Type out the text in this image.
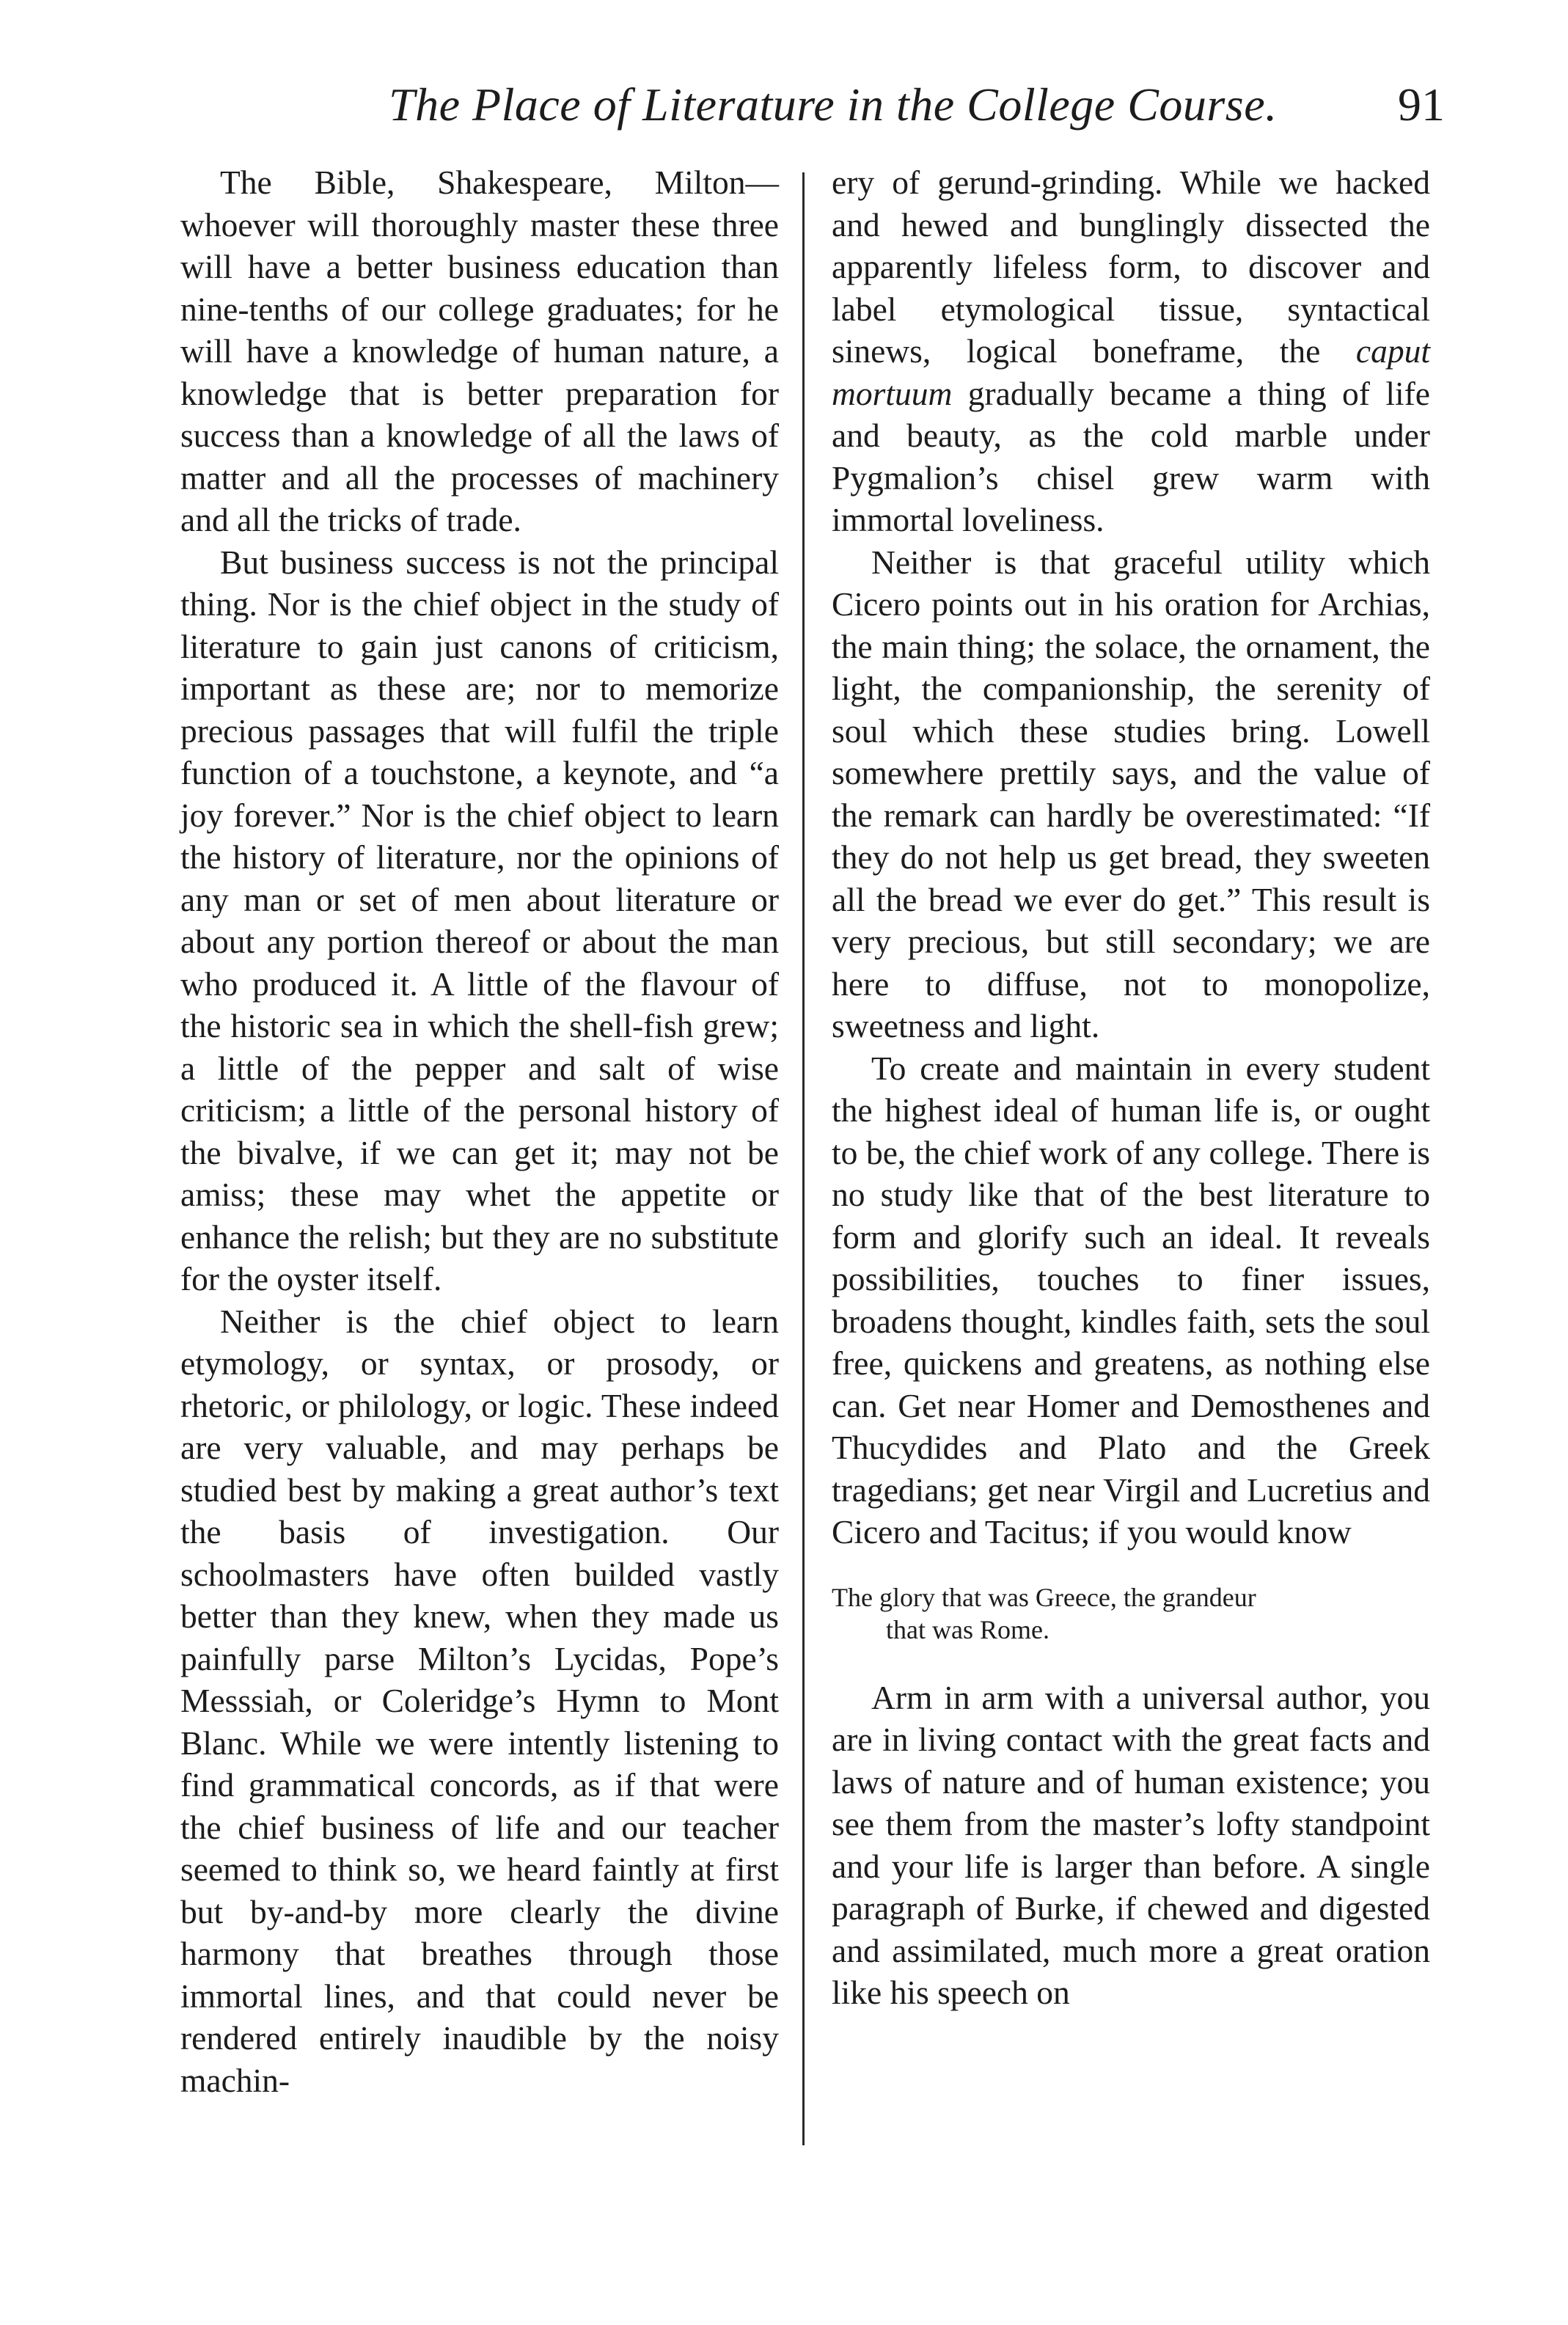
The Place of Literature in the College Course.	91

The Bible, Shakespeare, Milton— whoever will thoroughly master these three will have a better business education than nine-tenths of our college graduates; for he will have a knowledge of human nature, a knowledge that is better preparation for success than a knowledge of all the laws of matter and all the processes of machinery and all the tricks of trade.

But business success is not the principal thing. Nor is the chief object in the study of literature to gain just canons of criticism, important as these are; nor to memorize precious passages that will fulfil the triple function of a touchstone, a keynote, and “a joy forever.” Nor is the chief object to learn the history of literature, nor the opinions of any man or set of men about literature or about any portion thereof or about the man who produced it. A little of the flavour of the historic sea in which the shell-fish grew; a little of the pepper and salt of wise criticism; a little of the personal history of the bivalve, if we can get it; may not be amiss; these may whet the appetite or enhance the relish; but they are no substitute for the oyster itself.

Neither is the chief object to learn etymology, or syntax, or prosody, or rhetoric, or philology, or logic. These indeed are very valuable, and may perhaps be studied best by making a great author’s text the basis of investigation. Our schoolmasters have often builded vastly better than they knew, when they made us painfully parse Milton’s Lycidas, Pope’s Messsiah, or Coleridge’s Hymn to Mont Blanc. While we were intently listening to find grammatical concords, as if that were the chief business of life and our teacher seemed to think so, we heard faintly at first but by-and-by more clearly the divine harmony that breathes through those immortal lines, and that could never be rendered entirely inaudible by the noisy machin-

ery of gerund-grinding. While we hacked and hewed and bunglingly dissected the apparently lifeless form, to discover and label etymological tissue, syntactical sinews, logical boneframe, the caput mortuum gradually became a thing of life and beauty, as the cold marble under Pygmalion’s chisel grew warm with immortal loveliness.

Neither is that graceful utility which Cicero points out in his oration for Archias, the main thing; the solace, the ornament, the light, the companionship, the serenity of soul which these studies bring. Lowell somewhere prettily says, and the value of the remark can hardly be overestimated: “If they do not help us get bread, they sweeten all the bread we ever do get.” This result is very precious, but still secondary; we are here to diffuse, not to monopolize, sweetness and light.

To create and maintain in every student the highest ideal of human life is, or ought to be, the chief work of any college. There is no study like that of the best literature to form and glorify such an ideal. It reveals possibilities, touches to finer issues, broadens thought, kindles faith, sets the soul free, quickens and greatens, as nothing else can. Get near Homer and Demosthenes and Thucydides and Plato and the Greek tragedians; get near Virgil and Lucretius and Cicero and Tacitus; if you would know

The glory that was Greece, the grandeur
that was Rome.

Arm in arm with a universal author, you are in living contact with the great facts and laws of nature and of human existence; you see them from the master’s lofty standpoint and your life is larger than before. A single paragraph of Burke, if chewed and digested and assimilated, much more a great oration like his speech on
